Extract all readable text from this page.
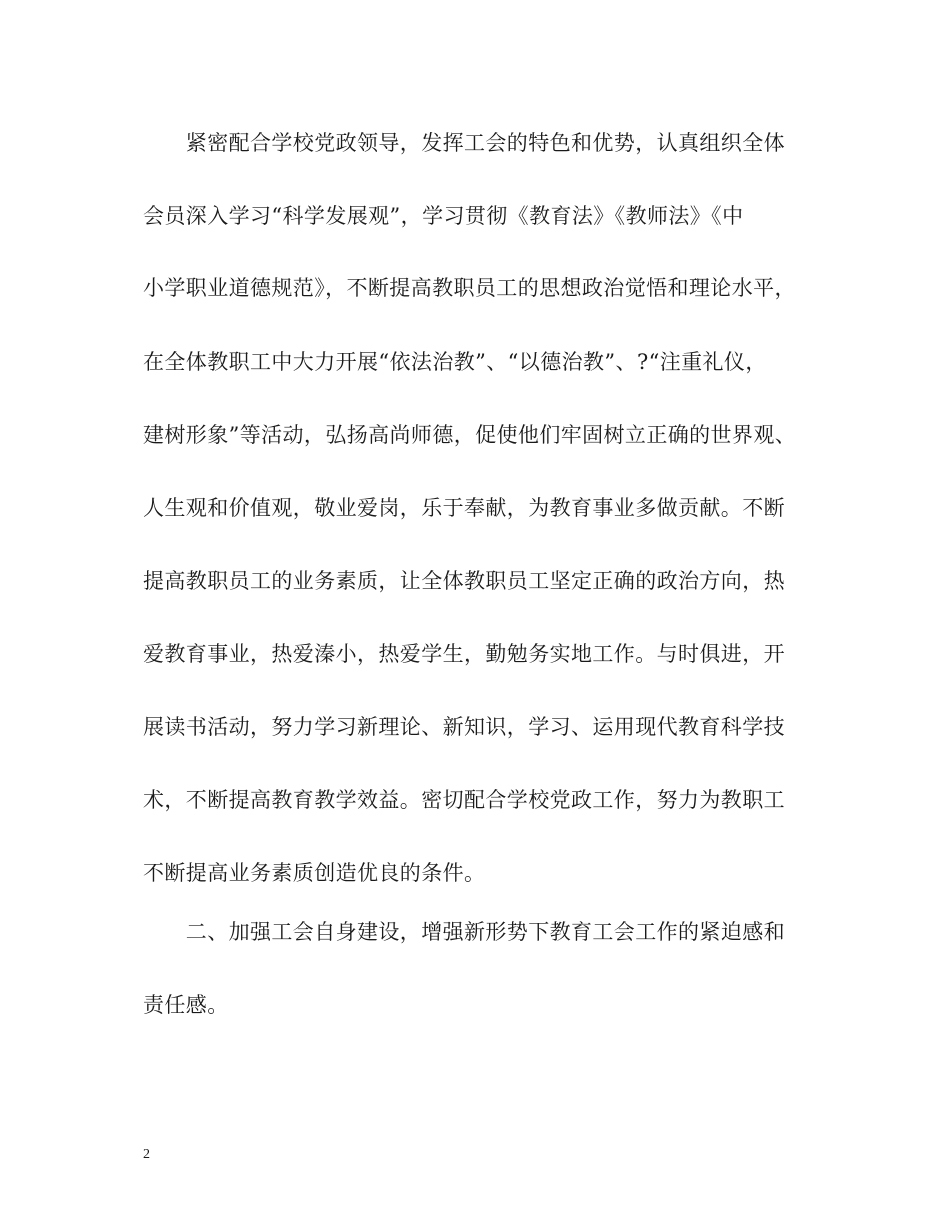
　　紧密配合学校党政领导，发挥工会的特色和优势，认真组织全体
会员深入学习“科学发展观”，学习贯彻《教育法》《教师法》《中
小学职业道德规范》，不断提高教职员工的思想政治觉悟和理论水平，
在全体教职工中大力开展“依法治教”、“以德治教”、?“注重礼仪，
建树形象”等活动，弘扬高尚师德，促使他们牢固树立正确的世界观、
人生观和价值观，敬业爱岗，乐于奉献，为教育事业多做贡献。不断
提高教职员工的业务素质，让全体教职员工坚定正确的政治方向，热
爱教育事业，热爱溱小，热爱学生，勤勉务实地工作。与时俱进，开
展读书活动，努力学习新理论、新知识，学习、运用现代教育科学技
术，不断提高教育教学效益。密切配合学校党政工作，努力为教职工
不断提高业务素质创造优良的条件。
　　二、加强工会自身建设，增强新形势下教育工会工作的紧迫感和
责任感。
2
